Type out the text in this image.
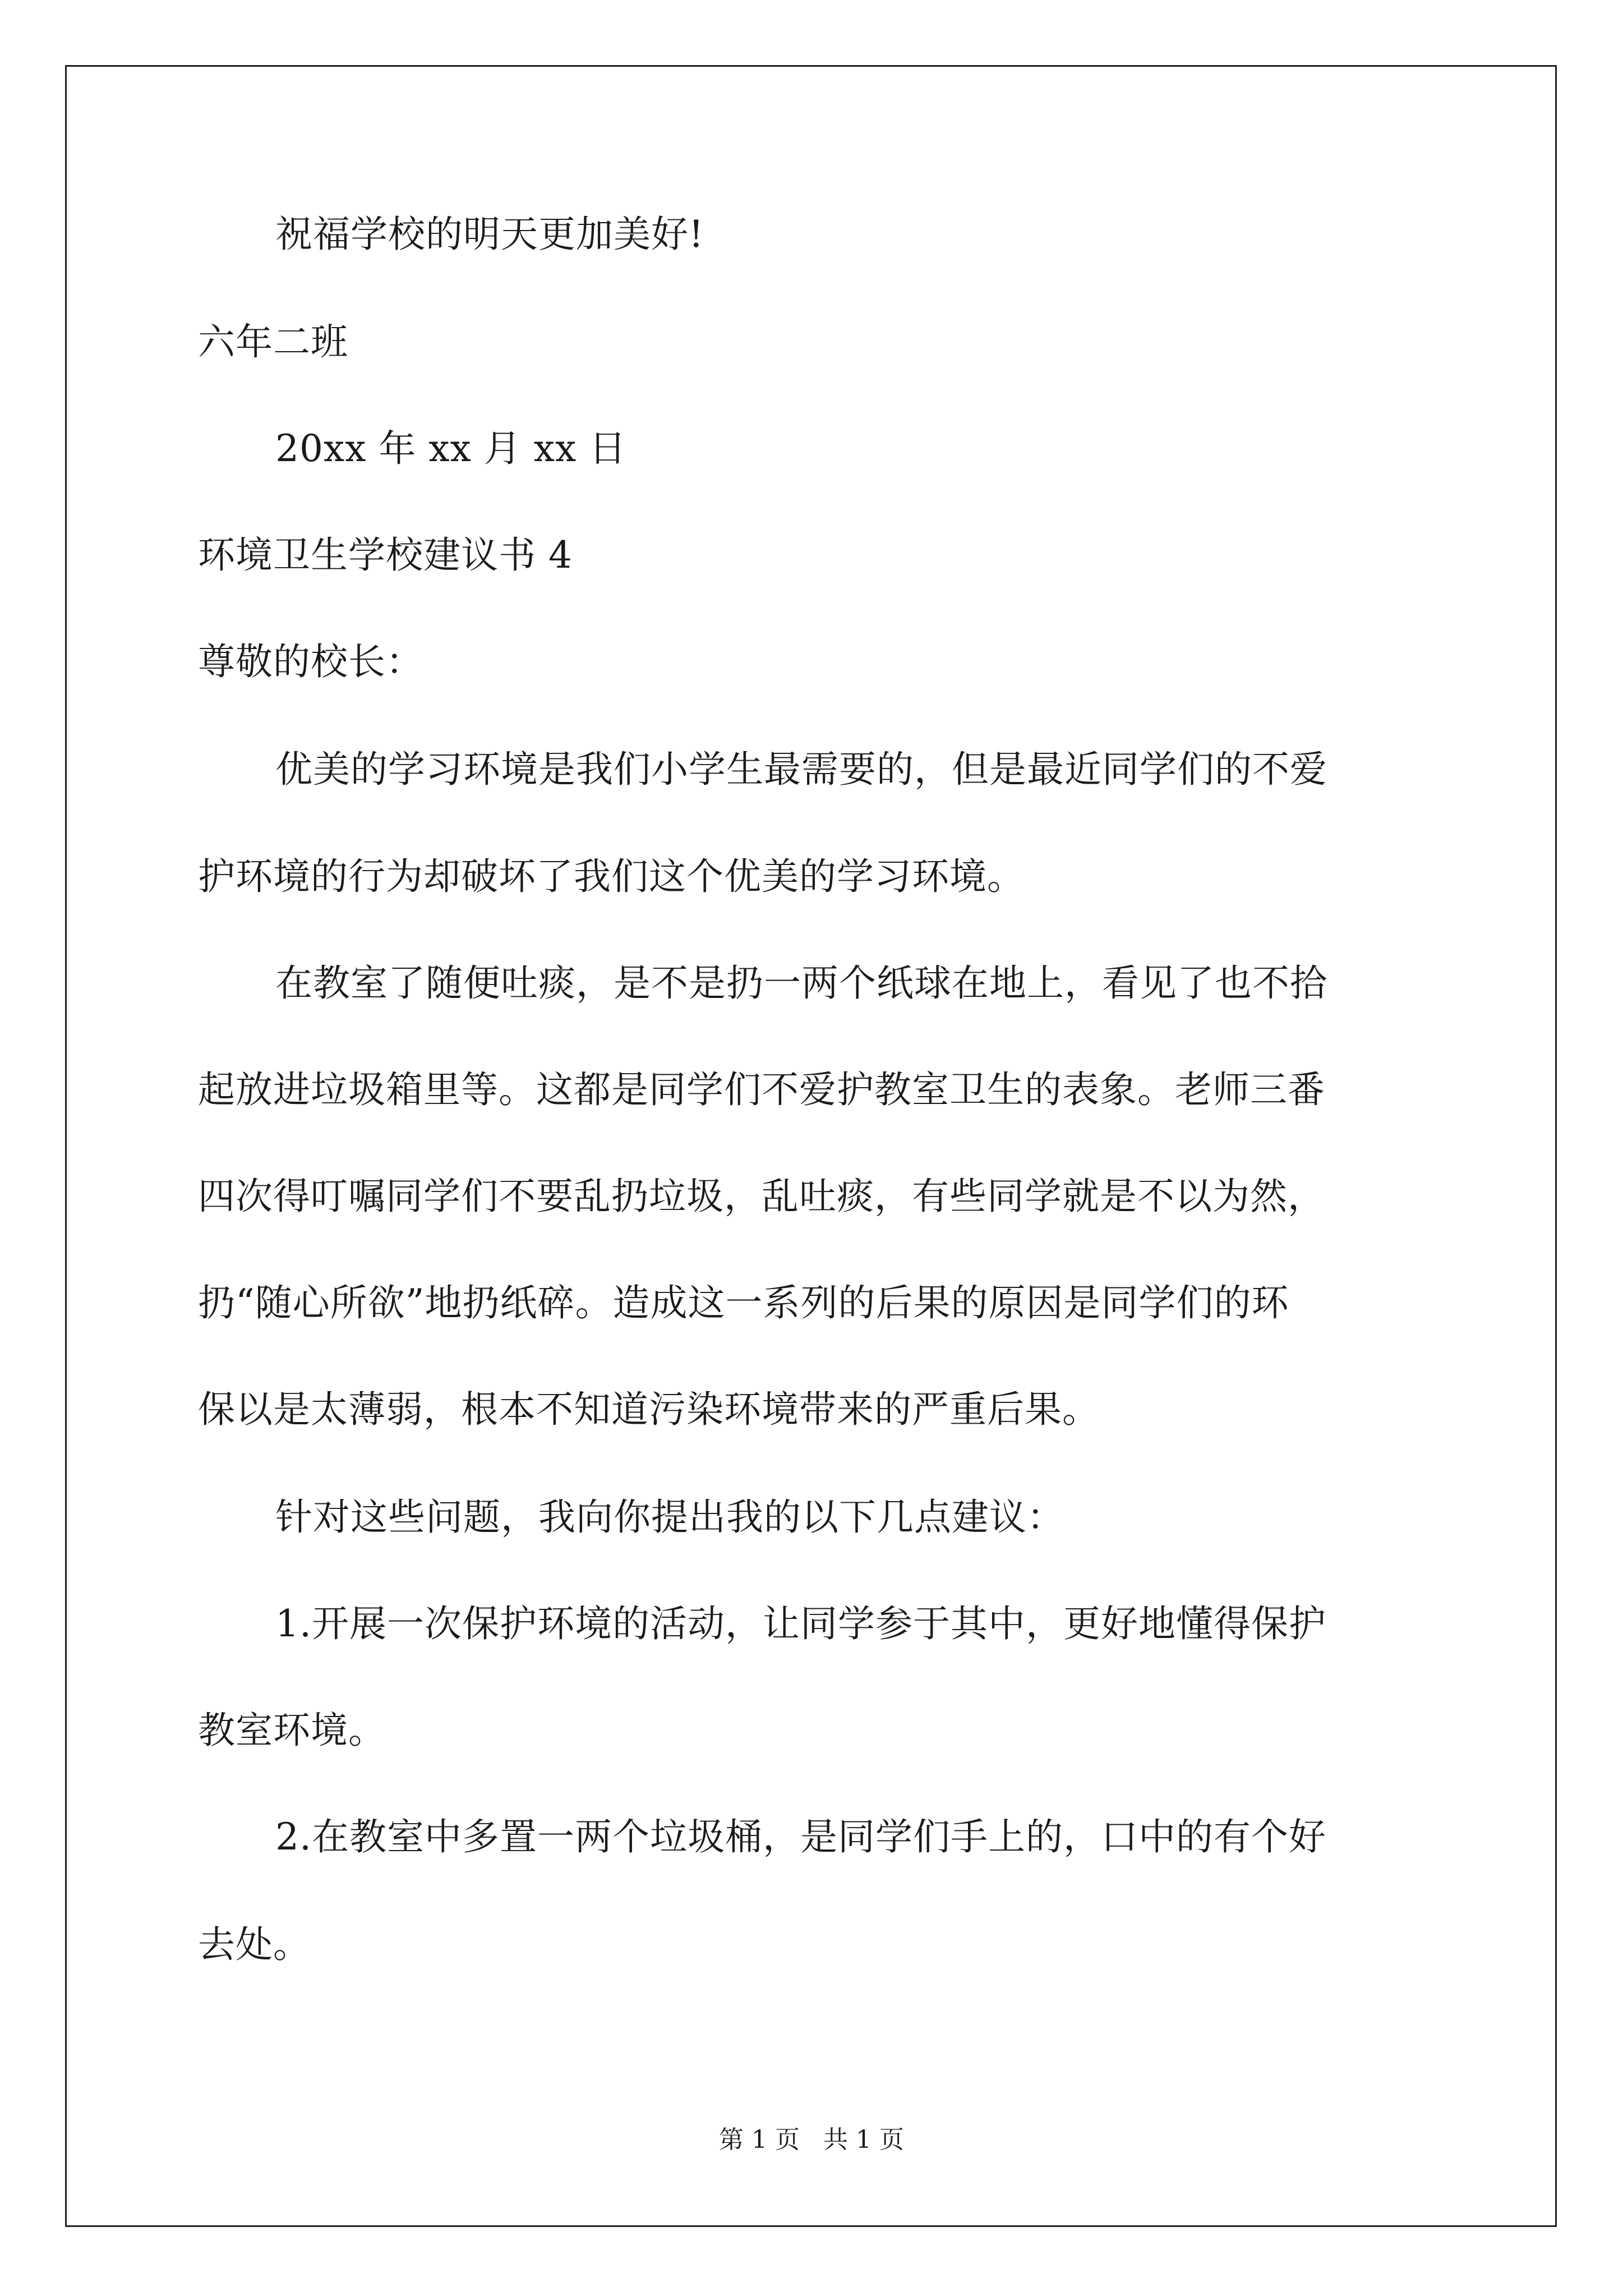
祝福学校的明天更加美好!
六年二班
20xx 年 xx 月 xx 日
环境卫生学校建议书 4
尊敬的校长：
优美的学习环境是我们小学生最需要的，但是最近同学们的不爱
护环境的行为却破坏了我们这个优美的学习环境。
在教室了随便吐痰，是不是扔一两个纸球在地上，看见了也不拾
起放进垃圾箱里等。这都是同学们不爱护教室卫生的表象。老师三番
四次得叮嘱同学们不要乱扔垃圾，乱吐痰，有些同学就是不以为然，
扔“随心所欲”地扔纸碎。造成这一系列的后果的原因是同学们的环
保以是太薄弱，根本不知道污染环境带来的严重后果。
针对这些问题，我向你提出我的以下几点建议：
1.开展一次保护环境的活动，让同学参于其中，更好地懂得保护
教室环境。
2.在教室中多置一两个垃圾桶，是同学们手上的，口中的有个好
去处。
第 1 页   共 1 页
